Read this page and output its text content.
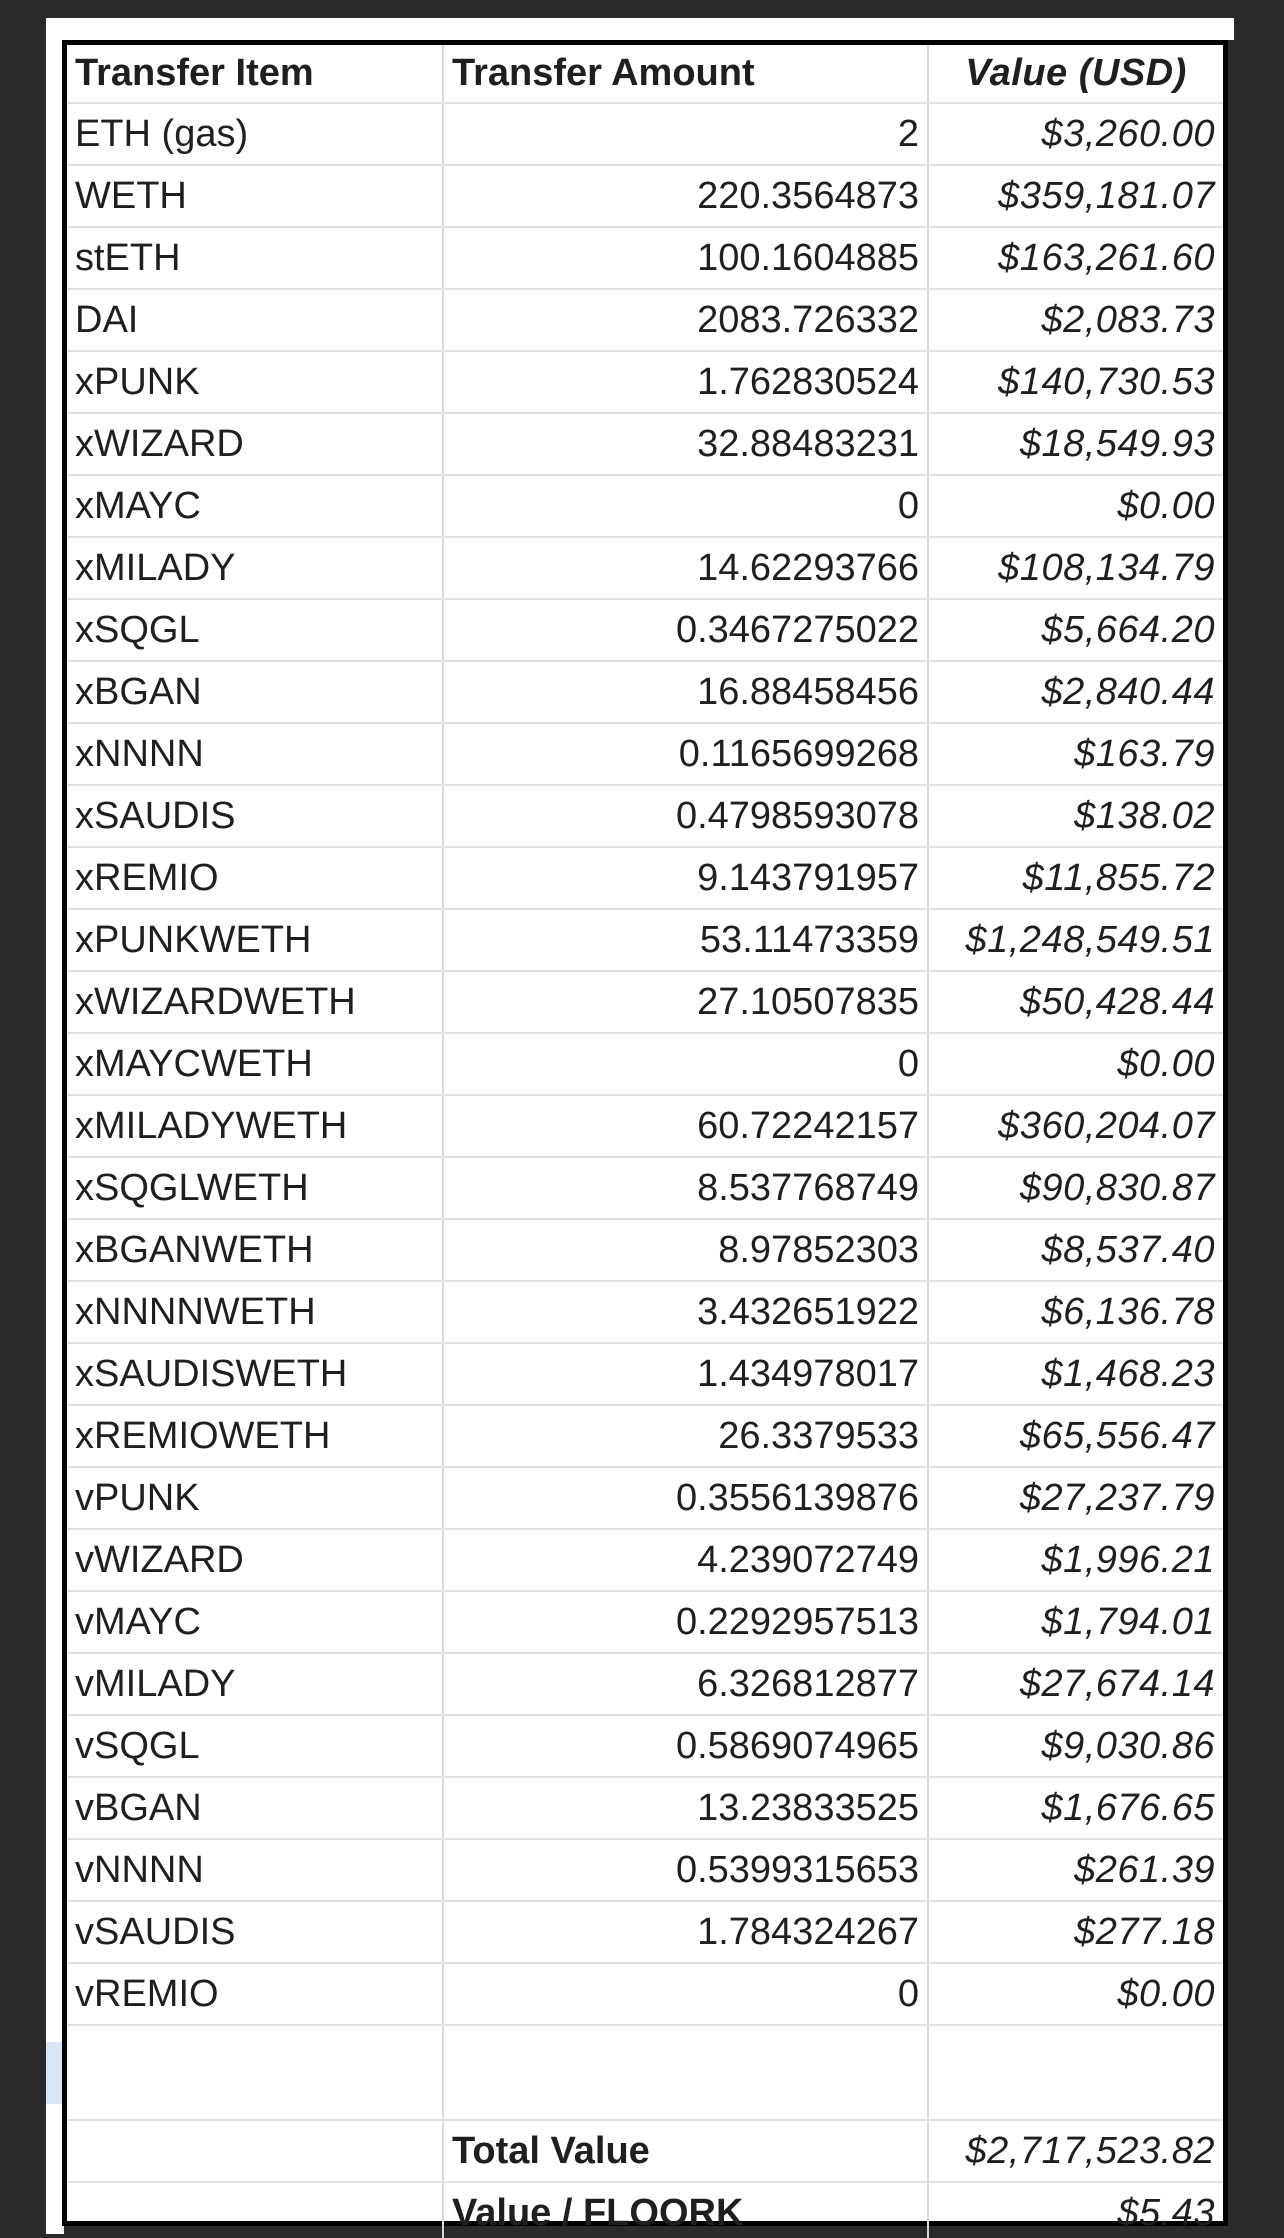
Transfer Item	Transfer Amount	Value (USD)
ETH (gas)	2	$3,260.00
WETH	220.3564873	$359,181.07
stETH	100.1604885	$163,261.60
DAI	2083.726332	$2,083.73
xPUNK	1.762830524	$140,730.53
xWIZARD	32.88483231	$18,549.93
xMAYC	0	$0.00
xMILADY	14.62293766	$108,134.79
xSQGL	0.3467275022	$5,664.20
xBGAN	16.88458456	$2,840.44
xNNNN	0.1165699268	$163.79
xSAUDIS	0.4798593078	$138.02
xREMIO	9.143791957	$11,855.72
xPUNKWETH	53.11473359	$1,248,549.51
xWIZARDWETH	27.10507835	$50,428.44
xMAYCWETH	0	$0.00
xMILADYWETH	60.72242157	$360,204.07
xSQGLWETH	8.537768749	$90,830.87
xBGANWETH	8.97852303	$8,537.40
xNNNNWETH	3.432651922	$6,136.78
xSAUDISWETH	1.434978017	$1,468.23
xREMIOWETH	26.3379533	$65,556.47
vPUNK	0.3556139876	$27,237.79
vWIZARD	4.239072749	$1,996.21
vMAYC	0.2292957513	$1,794.01
vMILADY	6.326812877	$27,674.14
vSQGL	0.5869074965	$9,030.86
vBGAN	13.23833525	$1,676.65
vNNNN	0.5399315653	$261.39
vSAUDIS	1.784324267	$277.18
vREMIO	0	$0.00

	Total Value	$2,717,523.82
	Value / FLOORK	$5.43
